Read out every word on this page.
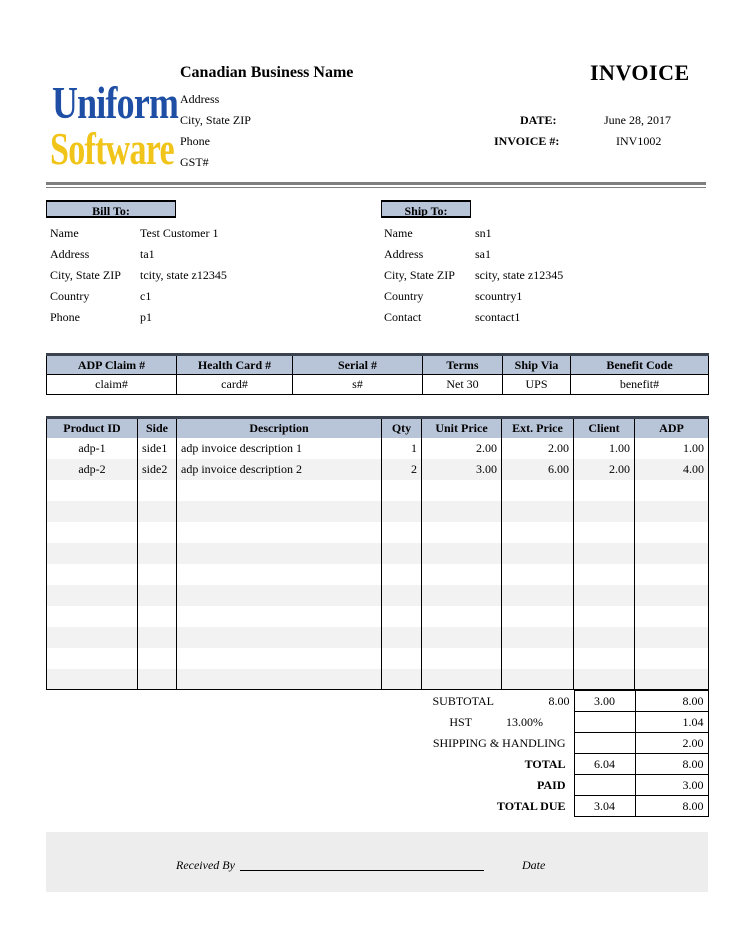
Uniform
Software
Canadian Business Name
Address
City, State ZIP
Phone
GST#
INVOICE
DATE:	June 28, 2017
INVOICE #:	INV1002
Bill To:
Name	Test Customer 1
Address	ta1
City, State ZIP tcity, state z12345
Country	c1
Phone	p1
Ship To:
Name	sn1
Address	sa1
City, State ZIP scity, state z12345
Country	scountry1
Contact	scontact1
ADP Claim #	Health Card #	Serial #	Terms	Ship Via	Benefit Code
claim#	card#	s#	Net 30	UPS	benefit#
Product ID	Side	Description	Qty	Unit Price	Ext. Price	Client	ADP
adp-1	side1	adp invoice description 1	1	2.00	2.00	1.00	1.00
adp-2	side2	adp invoice description 2	2	3.00	6.00	2.00	4.00

SUBTOTAL	8.00	3.00	8.00
HST	13.00%		1.04
SHIPPING & HANDLING			2.00
TOTAL		6.04	8.00
PAID			3.00
TOTAL DUE		3.04	8.00
Received By	Date
